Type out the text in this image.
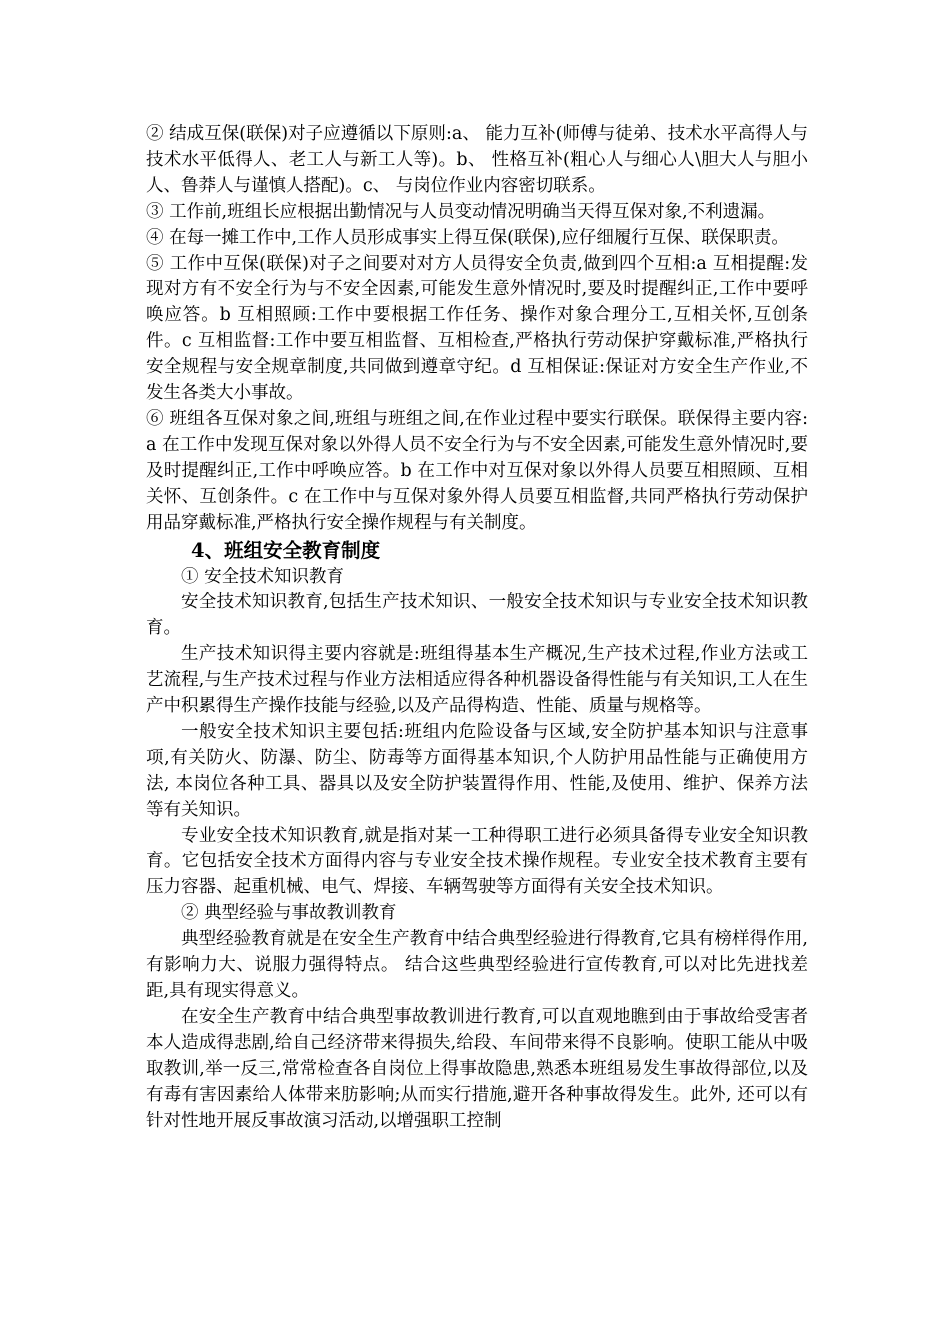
② 结成互保(联保)对子应遵循以下原则:a、 能力互补(师傅与徒弟、技术水平高得人与技术水平低得人、老工人与新工人等)。b、 性格互补(粗心人与细心人\胆大人与胆小人、鲁莽人与谨慎人搭配)。c、 与岗位作业内容密切联系。

③ 工作前,班组长应根据出勤情况与人员变动情况明确当天得互保对象,不利遗漏。

④ 在每一摊工作中,工作人员形成事实上得互保(联保),应仔细履行互保、联保职责。

⑤ 工作中互保(联保)对子之间要对对方人员得安全负责,做到四个互相:a 互相提醒:发现对方有不安全行为与不安全因素,可能发生意外情况时,要及时提醒纠正,工作中要呼唤应答。b 互相照顾:工作中要根据工作任务、操作对象合理分工,互相关怀,互创条件。c 互相监督:工作中要互相监督、互相检查,严格执行劳动保护穿戴标准,严格执行安全规程与安全规章制度,共同做到遵章守纪。d 互相保证:保证对方安全生产作业,不发生各类大小事故。

⑥ 班组各互保对象之间,班组与班组之间,在作业过程中要实行联保。联保得主要内容:a 在工作中发现互保对象以外得人员不安全行为与不安全因素,可能发生意外情况时,要及时提醒纠正,工作中呼唤应答。b 在工作中对互保对象以外得人员要互相照顾、互相关怀、互创条件。c 在工作中与互保对象外得人员要互相监督,共同严格执行劳动保护用品穿戴标准,严格执行安全操作规程与有关制度。

4、班组安全教育制度

① 安全技术知识教育

安全技术知识教育,包括生产技术知识、一般安全技术知识与专业安全技术知识教育。

生产技术知识得主要内容就是:班组得基本生产概况,生产技术过程,作业方法或工艺流程,与生产技术过程与作业方法相适应得各种机器设备得性能与有关知识,工人在生产中积累得生产操作技能与经验,以及产品得构造、性能、质量与规格等。

一般安全技术知识主要包括:班组内危险设备与区域,安全防护基本知识与注意事项,有关防火、防瀑、防尘、防毒等方面得基本知识,个人防护用品性能与正确使用方法, 本岗位各种工具、器具以及安全防护装置得作用、性能,及使用、维护、保养方法等有关知识。

专业安全技术知识教育,就是指对某一工种得职工进行必须具备得专业安全知识教育。它包括安全技术方面得内容与专业安全技术操作规程。专业安全技术教育主要有压力容器、起重机械、电气、焊接、车辆驾驶等方面得有关安全技术知识。

② 典型经验与事故教训教育

典型经验教育就是在安全生产教育中结合典型经验进行得教育,它具有榜样得作用,有影响力大、说服力强得特点。 结合这些典型经验进行宣传教育,可以对比先进找差距,具有现实得意义。

在安全生产教育中结合典型事故教训进行教育,可以直观地瞧到由于事故给受害者本人造成得悲剧,给自己经济带来得损失,给段、车间带来得不良影响。使职工能从中吸取教训,举一反三,常常检查各自岗位上得事故隐患,熟悉本班组易发生事故得部位,以及有毒有害因素给人体带来肪影响;从而实行措施,避开各种事故得发生。此外, 还可以有针对性地开展反事故演习活动,以增强职工控制
